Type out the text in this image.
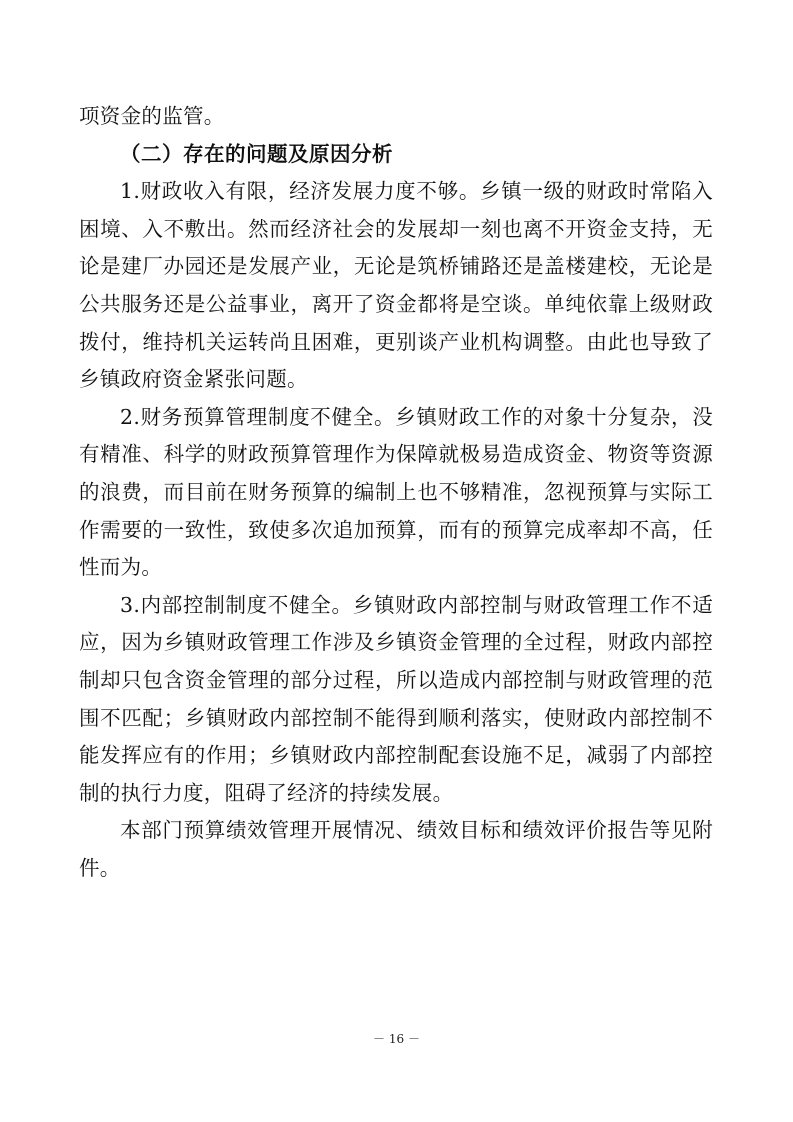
项资金的监管。

（二）存在的问题及原因分析

1.财政收入有限，经济发展力度不够。乡镇一级的财政时常陷入困境、入不敷出。然而经济社会的发展却一刻也离不开资金支持，无论是建厂办园还是发展产业，无论是筑桥铺路还是盖楼建校，无论是公共服务还是公益事业，离开了资金都将是空谈。单纯依靠上级财政拨付，维持机关运转尚且困难，更别谈产业机构调整。由此也导致了乡镇政府资金紧张问题。

2.财务预算管理制度不健全。乡镇财政工作的对象十分复杂，没有精准、科学的财政预算管理作为保障就极易造成资金、物资等资源的浪费，而目前在财务预算的编制上也不够精准，忽视预算与实际工作需要的一致性，致使多次追加预算，而有的预算完成率却不高，任性而为。

3.内部控制制度不健全。乡镇财政内部控制与财政管理工作不适应，因为乡镇财政管理工作涉及乡镇资金管理的全过程，财政内部控制却只包含资金管理的部分过程，所以造成内部控制与财政管理的范围不匹配；乡镇财政内部控制不能得到顺利落实，使财政内部控制不能发挥应有的作用；乡镇财政内部控制配套设施不足，减弱了内部控制的执行力度，阻碍了经济的持续发展。

本部门预算绩效管理开展情况、绩效目标和绩效评价报告等见附件。

－ 16 －
